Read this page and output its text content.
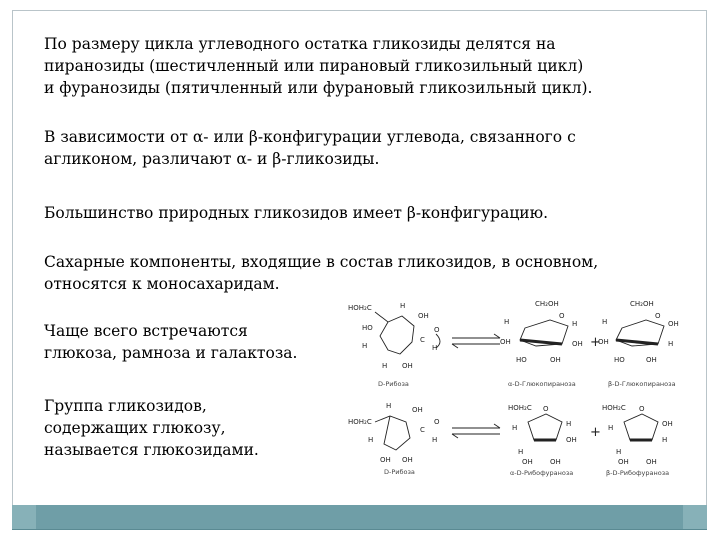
По размеру цикла углеводного остатка гликозиды делятся на
пиранозиды (шестичленный или пирановый гликозильный цикл)
и фуранозиды (пятичленный или фурановый гликозильный цикл).

В зависимости от α- или β-конфигурации углевода, связанного с
агликоном, различают α- и β-гликозиды.

Большинство природных гликозидов имеет β-конфигурацию.

Сахарные компоненты, входящие в состав гликозидов, в основном,
относятся к моносахаридам.

Чаще всего встречаются
глюкоза, рамноза и галактоза.

Группа гликозидов,
содержащих глюкозу,
называется глюкозидами.

HOH₂C	H
OH
HO
H
H OH
C
O
H
D-Рибоза
CH₂OH
O
H
OH
H
OH
HO	OH
α-D-Глюкопираноза
+
CH₂OH
O
H
OH
OH
H
HO	OH
β-D-Глюкопираноза
HOH₂C
H	OH
H
OH OH
C
O
H
D-Рибоза
HOH₂C O
H	H
OH
H
OH OH
α-D-Рибофураноза
+
HOH₂C O
H	OH
H
H
OH OH
β-D-Рибофураноза
